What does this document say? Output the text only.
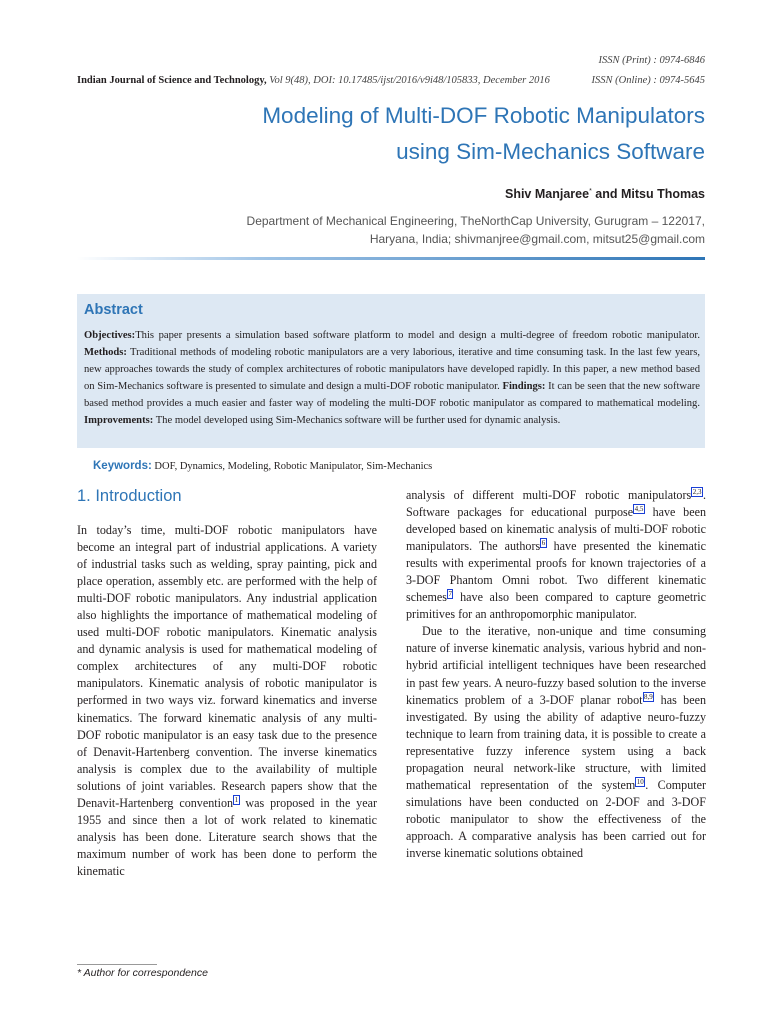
ISSN (Print) : 0974-6846
ISSN (Online) : 0974-5645
Indian Journal of Science and Technology, Vol 9(48), DOI: 10.17485/ijst/2016/v9i48/105833, December 2016
Modeling of Multi-DOF Robotic Manipulators
using Sim-Mechanics Software
Shiv Manjaree* and Mitsu Thomas
Department of Mechanical Engineering, TheNorthCap University, Gurugram – 122017,
Haryana, India; shivmanjree@gmail.com, mitsut25@gmail.com
Abstract
Objectives:This paper presents a simulation based software platform to model and design a multi-degree of freedom robotic manipulator. Methods: Traditional methods of modeling robotic manipulators are a very laborious, iterative and time consuming task. In the last few years, new approaches towards the study of complex architectures of robotic manipulators have developed rapidly. In this paper, a new method based on Sim-Mechanics software is presented to simulate and design a multi-DOF robotic manipulator. Findings: It can be seen that the new software based method provides a much easier and faster way of modeling the multi-DOF robotic manipulator as compared to mathematical modeling. Improvements: The model developed using Sim-Mechanics software will be further used for dynamic analysis.
Keywords: DOF, Dynamics, Modeling, Robotic Manipulator, Sim-Mechanics
1. Introduction

In today’s time, multi-DOF robotic manipulators have become an integral part of industrial applications. A variety of industrial tasks such as welding, spray painting, pick and place operation, assembly etc. are performed with the help of multi-DOF robotic manipulators. Any industrial application also highlights the importance of mathematical modeling of used multi-DOF robotic manipulators. Kinematic analysis and dynamic analysis is used for mathematical modeling of complex architectures of any multi-DOF robotic manipulators. Kinematic analysis of robotic manipulator is performed in two ways viz. forward kinematics and inverse kinematics. The forward kinematic analysis of any multi-DOF robotic manipulator is an easy task due to the presence of Denavit-Hartenberg convention. The inverse kinematics analysis is complex due to the availability of multiple solutions of joint variables. Research papers show that the Denavit-Hartenberg convention $^1$ was proposed in the year 1955 and since then a lot of work related to kinematic analysis has been done. Literature search shows that the maximum number of work has been done to perform the kinematic

analysis of different multi-DOF robotic manipulators $^{2,3}$ . Software packages for educational purpose $^{4,5}$ have been developed based on kinematic analysis of multi-DOF robotic manipulators. The authors $^6$ have presented the kinematic results with experimental proofs for known trajectories of a 3-DOF Phantom Omni robot. Two different kinematic schemes $^7$ have also been compared to capture geometric primitives for an anthropomorphic manipulator.

Due to the iterative, non-unique and time consuming nature of inverse kinematic analysis, various hybrid and non-hybrid artificial intelligent techniques have been researched in past few years. A neuro-fuzzy based solution to the inverse kinematics problem of a 3-DOF planar robot $^{8,9}$ has been investigated. By using the ability of adaptive neuro-fuzzy technique to learn from training data, it is possible to create a representative fuzzy inference system using a back propagation neural network-like structure, with limited mathematical representation of the system $^{10}$ . Computer simulations have been conducted on 2-DOF and 3-DOF robotic manipulator to show the effectiveness of the approach. A comparative analysis has been carried out for inverse kinematic solutions obtained

* Author for correspondence
